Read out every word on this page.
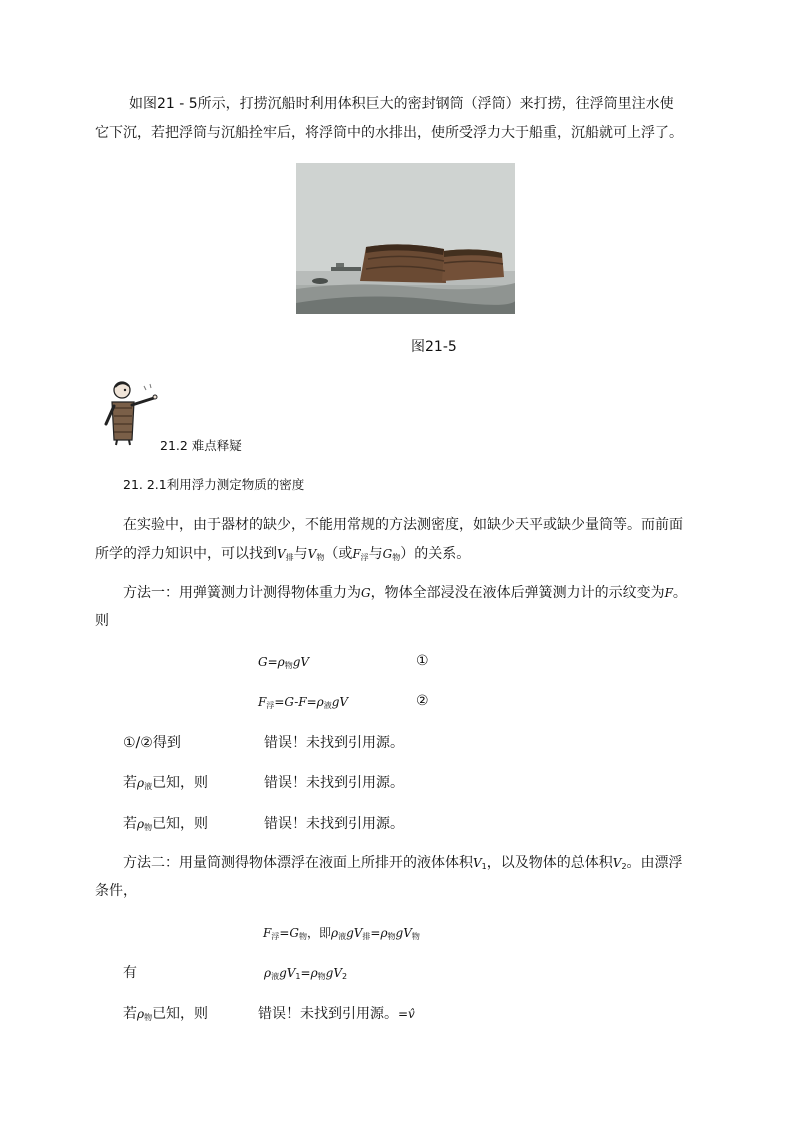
如图21 - 5所示，打捞沉船时利用体积巨大的密封钢筒（浮筒）来打捞，往浮筒里注水使
它下沉，若把浮筒与沉船拴牢后，将浮筒中的水排出，使所受浮力大于船重，沉船就可上浮了。
图21-5
21.2 难点释疑
21. 2.1利用浮力测定物质的密度
在实验中，由于器材的缺少，不能用常规的方法测密度，如缺少天平或缺少量筒等。而前面
所学的浮力知识中，可以找到$V_排$与$V_物$（或$F_浮$与$G_物$）的关系。
方法一：用弹簧测力计测得物体重力为G，物体全部浸没在液体后弹簧测力计的示纹变为F。
则
$G=\rho_物gV$	①
$F_浮=G-F=\rho_液gV$	②
①/②得到	错误！未找到引用源。
若$\rho_液$已知，则	错误！未找到引用源。
若$\rho_物$已知，则	错误！未找到引用源。
方法二：用量筒测得物体漂浮在液面上所排开的液体体积$V_1$，以及物体的总体积$V_2$。由漂浮
条件，
$F_浮=G_物$，即$\rho_液gV_排=\rho_物gV_物$
有	$\rho_液gV_1=\rho_物gV_2$
若$\rho_物$已知，则	错误！未找到引用源。=v̂
